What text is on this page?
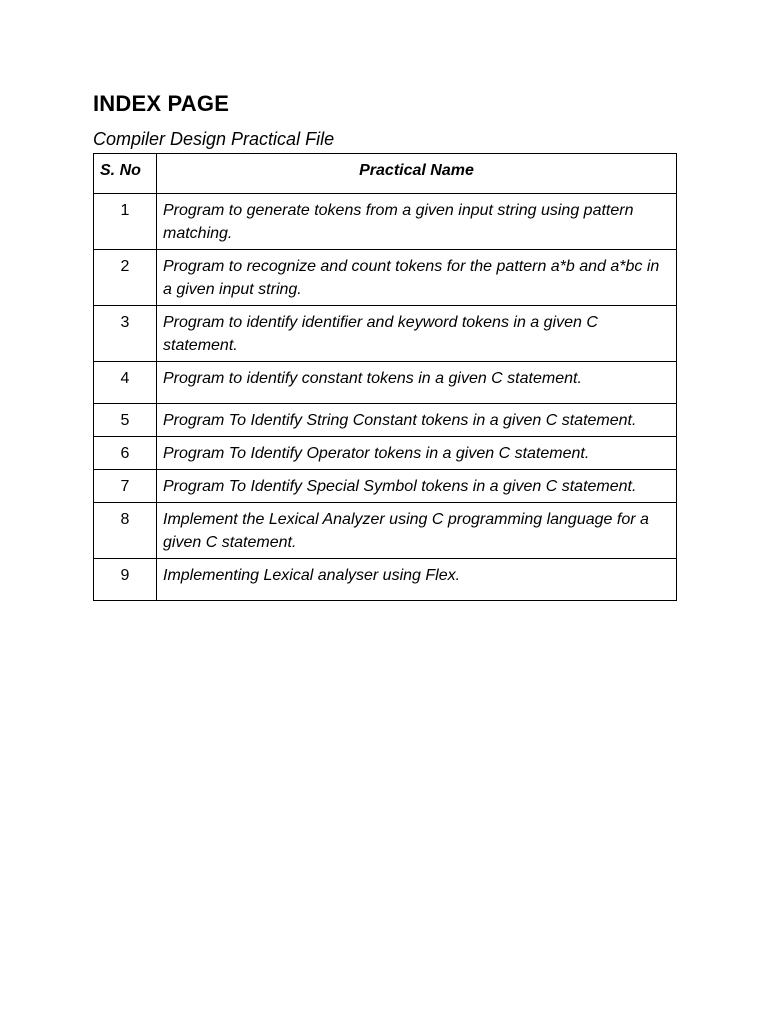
INDEX PAGE

Compiler Design Practical File

S. No	Practical Name
1	Program to generate tokens from a given input string using pattern matching.
2	Program to recognize and count tokens for the pattern a*b and a*bc in a given input string.
3	Program to identify identifier and keyword tokens in a given C statement.
4	Program to identify constant tokens in a given C statement.
5	Program To Identify String Constant tokens in a given C statement.
6	Program To Identify Operator tokens in a given C statement.
7	Program To Identify Special Symbol tokens in a given C statement.
8	Implement the Lexical Analyzer using C programming language for a given C statement.
9	Implementing Lexical analyser using Flex.
